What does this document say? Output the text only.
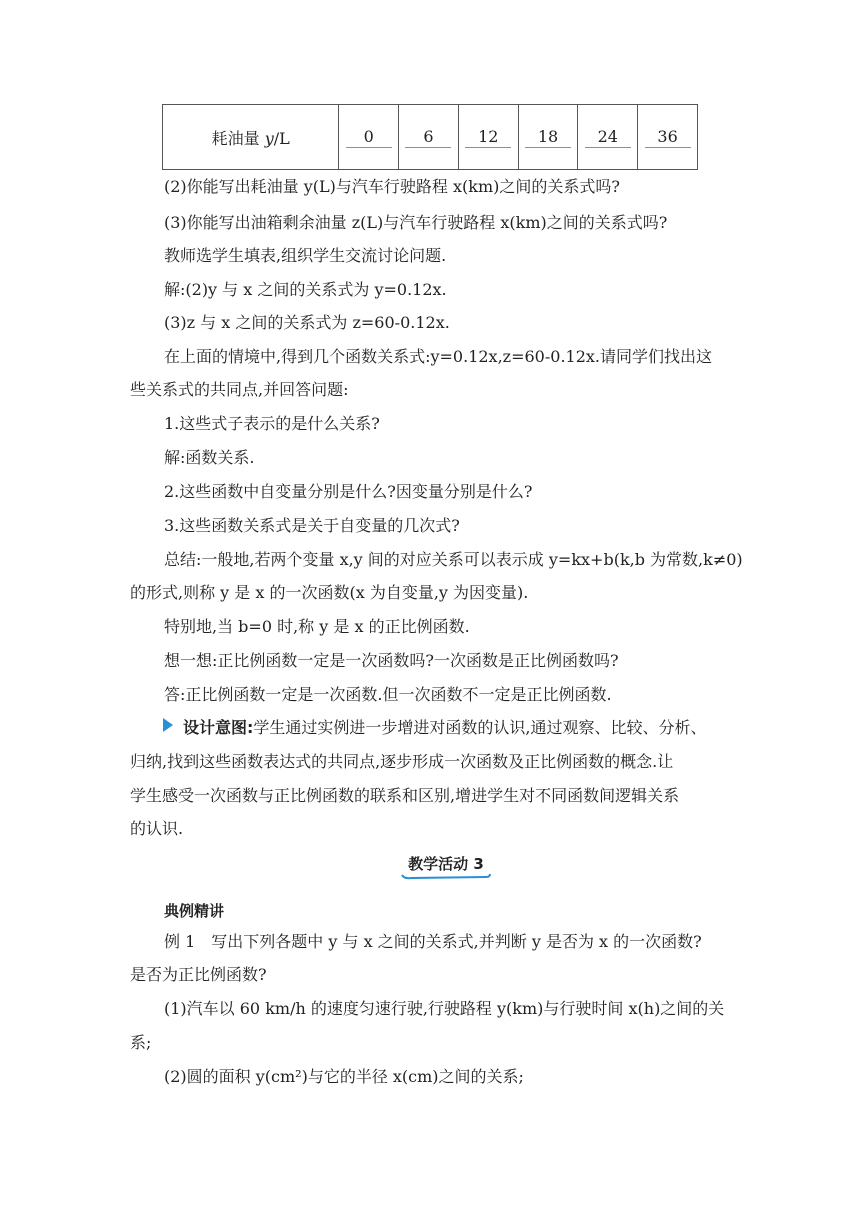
耗油量 y/L	0	6	12	18	24	36
(2)你能写出耗油量 y(L)与汽车行驶路程 x(km)之间的关系式吗?
(3)你能写出油箱剩余油量 z(L)与汽车行驶路程 x(km)之间的关系式吗?
教师选学生填表,组织学生交流讨论问题.
解:(2)y 与 x 之间的关系式为 y=0.12x.
(3)z 与 x 之间的关系式为 z=60-0.12x.
在上面的情境中,得到几个函数关系式:y=0.12x,z=60-0.12x.请同学们找出这
些关系式的共同点,并回答问题:
1.这些式子表示的是什么关系?
解:函数关系.
2.这些函数中自变量分别是什么?因变量分别是什么?
3.这些函数关系式是关于自变量的几次式?
总结:一般地,若两个变量 x,y 间的对应关系可以表示成 y=kx+b(k,b 为常数,k≠0)
的形式,则称 y 是 x 的一次函数(x 为自变量,y 为因变量).
特别地,当 b=0 时,称 y 是 x 的正比例函数.
想一想:正比例函数一定是一次函数吗?一次函数是正比例函数吗?
答:正比例函数一定是一次函数.但一次函数不一定是正比例函数.
设计意图:学生通过实例进一步增进对函数的认识,通过观察、比较、分析、
归纳,找到这些函数表达式的共同点,逐步形成一次函数及正比例函数的概念.让
学生感受一次函数与正比例函数的联系和区别,增进学生对不同函数间逻辑关系
的认识.
教学活动 3
典例精讲
例 1　写出下列各题中 y 与 x 之间的关系式,并判断 y 是否为 x 的一次函数?
是否为正比例函数?
(1)汽车以 60 km/h 的速度匀速行驶,行驶路程 y(km)与行驶时间 x(h)之间的关
系;
(2)圆的面积 y(cm²)与它的半径 x(cm)之间的关系;
